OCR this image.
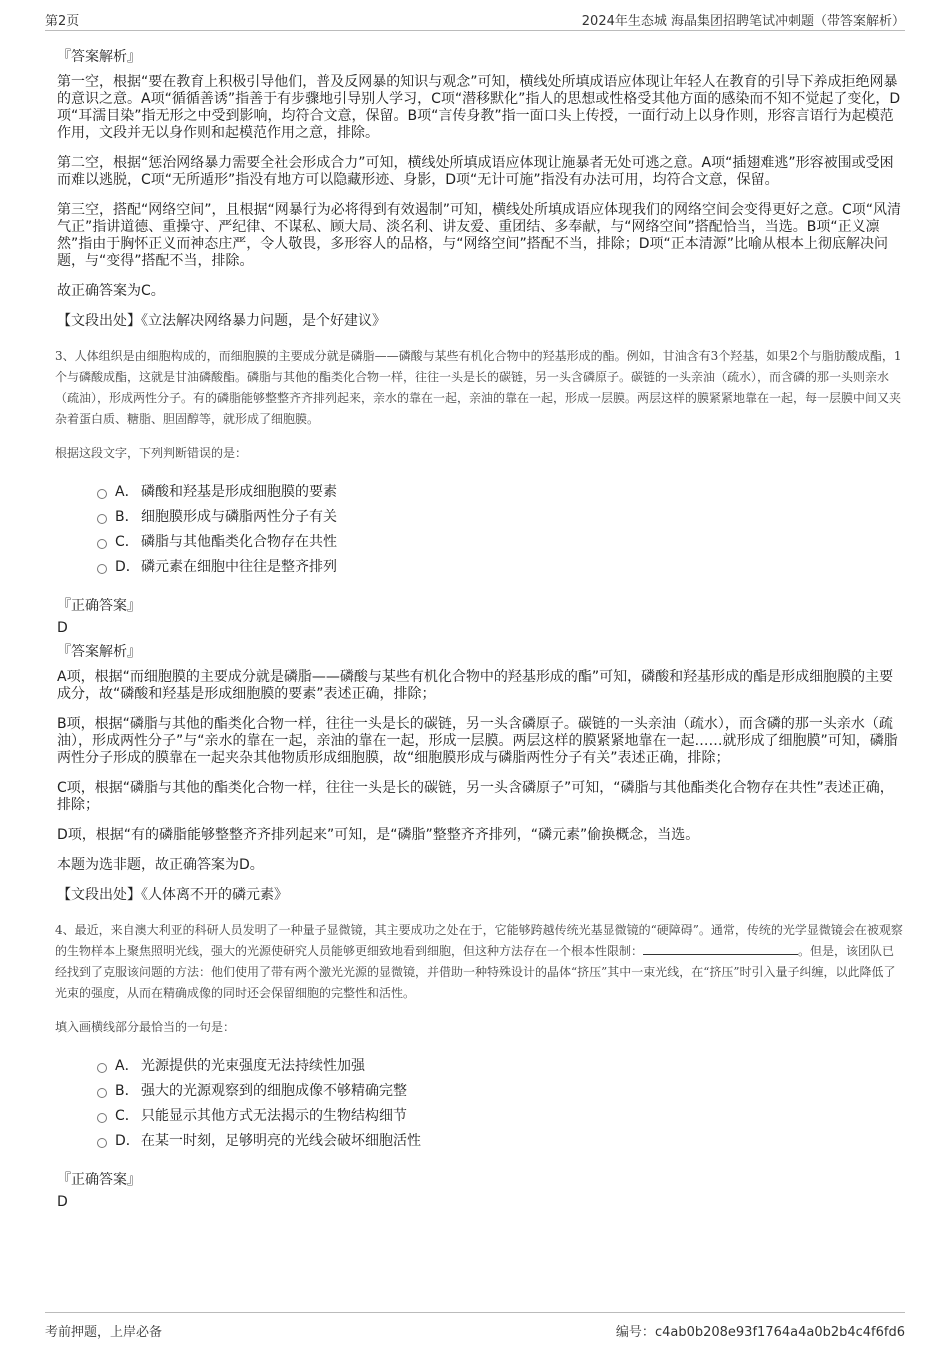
第2页	2024年生态城 海晶集团招聘笔试冲刺题（带答案解析）
『答案解析』

第一空，根据“要在教育上积极引导他们，普及反网暴的知识与观念”可知，横线处所填成语应体现让年轻人在教育的引导下养成拒绝网暴的意识之意。A项“循循善诱”指善于有步骤地引导别人学习，C项“潜移默化”指人的思想或性格受其他方面的感染而不知不觉起了变化，D项“耳濡目染”指无形之中受到影响，均符合文意，保留。B项“言传身教”指一面口头上传授，一面行动上以身作则，形容言语行为起模范作用，文段并无以身作则和起模范作用之意，排除。

第二空，根据“惩治网络暴力需要全社会形成合力”可知，横线处所填成语应体现让施暴者无处可逃之意。A项“插翅难逃”形容被围或受困而难以逃脱，C项“无所遁形”指没有地方可以隐藏形迹、身影，D项“无计可施”指没有办法可用，均符合文意，保留。

第三空，搭配“网络空间”，且根据“网暴行为必将得到有效遏制”可知，横线处所填成语应体现我们的网络空间会变得更好之意。C项“风清气正”指讲道德、重操守、严纪律、不谋私、顾大局、淡名利、讲友爱、重团结、多奉献，与“网络空间”搭配恰当，当选。B项“正义凛然”指由于胸怀正义而神态庄严，令人敬畏，多形容人的品格，与“网络空间”搭配不当，排除；D项“正本清源”比喻从根本上彻底解决问题，与“变得”搭配不当，排除。

故正确答案为C。

【文段出处】《立法解决网络暴力问题，是个好建议》

3、人体组织是由细胞构成的，而细胞膜的主要成分就是磷脂——磷酸与某些有机化合物中的羟基形成的酯。例如，甘油含有3个羟基，如果2个与脂肪酸成酯，1个与磷酸成酯，这就是甘油磷酸酯。磷脂与其他的酯类化合物一样，往往一头是长的碳链，另一头含磷原子。碳链的一头亲油（疏水），而含磷的那一头则亲水（疏油），形成两性分子。有的磷脂能够整整齐齐排列起来，亲水的靠在一起，亲油的靠在一起，形成一层膜。两层这样的膜紧紧地靠在一起，每一层膜中间又夹杂着蛋白质、糖脂、胆固醇等，就形成了细胞膜。

根据这段文字，下列判断错误的是：

A． 磷酸和羟基是形成细胞膜的要素
B． 细胞膜形成与磷脂两性分子有关
C． 磷脂与其他酯类化合物存在共性
D．磷元素在细胞中往往是整齐排列
『正确答案』
D
『答案解析』

A项，根据“而细胞膜的主要成分就是磷脂——磷酸与某些有机化合物中的羟基形成的酯”可知，磷酸和羟基形成的酯是形成细胞膜的主要成分，故“磷酸和羟基是形成细胞膜的要素”表述正确，排除；

B项，根据“磷脂与其他的酯类化合物一样，往往一头是长的碳链，另一头含磷原子。碳链的一头亲油（疏水），而含磷的那一头亲水（疏油），形成两性分子”与“亲水的靠在一起，亲油的靠在一起，形成一层膜。两层这样的膜紧紧地靠在一起……就形成了细胞膜”可知，磷脂两性分子形成的膜靠在一起夹杂其他物质形成细胞膜，故“细胞膜形成与磷脂两性分子有关”表述正确，排除；

C项，根据“磷脂与其他的酯类化合物一样，往往一头是长的碳链，另一头含磷原子”可知，“磷脂与其他酯类化合物存在共性”表述正确，排除；

D项，根据“有的磷脂能够整整齐齐排列起来”可知，是“磷脂”整整齐齐排列，“磷元素”偷换概念，当选。

本题为选非题，故正确答案为D。

【文段出处】《人体离不开的磷元素》

4、最近，来自澳大利亚的科研人员发明了一种量子显微镜，其主要成功之处在于，它能够跨越传统光基显微镜的“硬障碍”。通常，传统的光学显微镜会在被观察的生物样本上聚焦照明光线，强大的光源使研究人员能够更细致地看到细胞，但这种方法存在一个根本性限制：	。但是，该团队已经找到了克服该问题的方法：他们使用了带有两个激光光源的显微镜，并借助一种特殊设计的晶体“挤压”其中一束光线，在“挤压”时引入量子纠缠，以此降低了光束的强度，从而在精确成像的同时还会保留细胞的完整性和活性。

填入画横线部分最恰当的一句是：

A． 光源提供的光束强度无法持续性加强
B． 强大的光源观察到的细胞成像不够精确完整
C． 只能显示其他方式无法揭示的生物结构细节
D．在某一时刻，足够明亮的光线会破坏细胞活性
『正确答案』
D
考前押题，上岸必备	编号：c4ab0b208e93f1764a4a0b2b4c4f6fd6
